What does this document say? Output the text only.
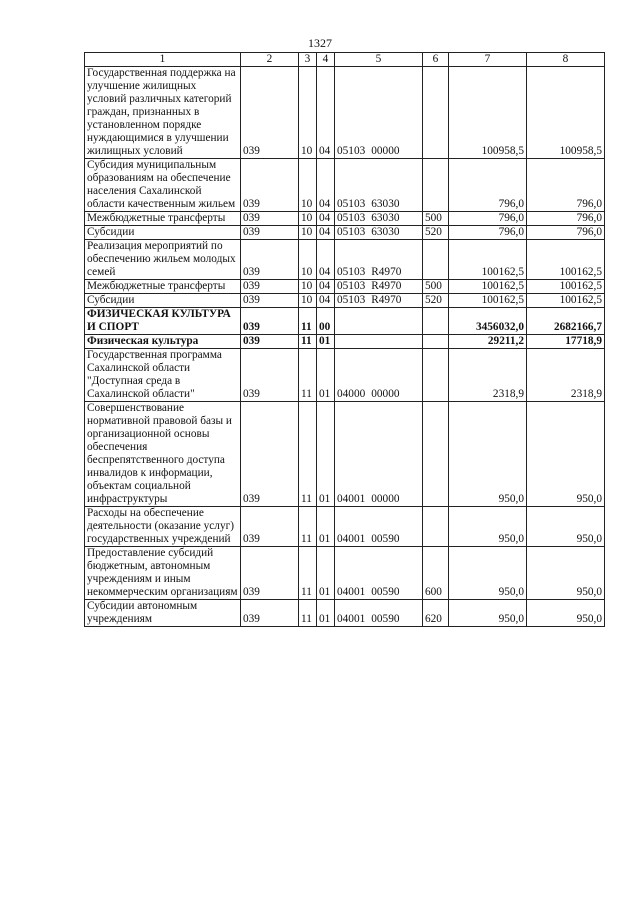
1327
1	2	3	4	5	6	7	8
Государственная поддержка на улучшение жилищных условий различных категорий граждан, признанных в установленном порядке нуждающимися в улучшении жилищных условий	039	10	04	05103 00000		100958,5	100958,5
Субсидия муниципальным образованиям на обеспечение населения Сахалинской области качественным жильем	039	10	04	05103 63030		796,0	796,0
Межбюджетные трансферты	039	10	04	05103 63030	500	796,0	796,0
Субсидии	039	10	04	05103 63030	520	796,0	796,0
Реализация мероприятий по обеспечению жильем молодых семей	039	10	04	05103 R4970		100162,5	100162,5
Межбюджетные трансферты	039	10	04	05103 R4970	500	100162,5	100162,5
Субсидии	039	10	04	05103 R4970	520	100162,5	100162,5
ФИЗИЧЕСКАЯ КУЛЬТУРА И СПОРТ	039	11	00			3456032,0	2682166,7
Физическая культура	039	11	01			29211,2	17718,9
Государственная программа Сахалинской области "Доступная среда в Сахалинской области"	039	11	01	04000 00000		2318,9	2318,9
Совершенствование нормативной правовой базы и организационной основы обеспечения беспрепятственного доступа инвалидов к информации, объектам социальной инфраструктуры	039	11	01	04001 00000		950,0	950,0
Расходы на обеспечение деятельности (оказание услуг) государственных учреждений	039	11	01	04001 00590		950,0	950,0
Предоставление субсидий бюджетным, автономным учреждениям и иным некоммерческим организациям	039	11	01	04001 00590	600	950,0	950,0
Субсидии автономным учреждениям	039	11	01	04001 00590	620	950,0	950,0
